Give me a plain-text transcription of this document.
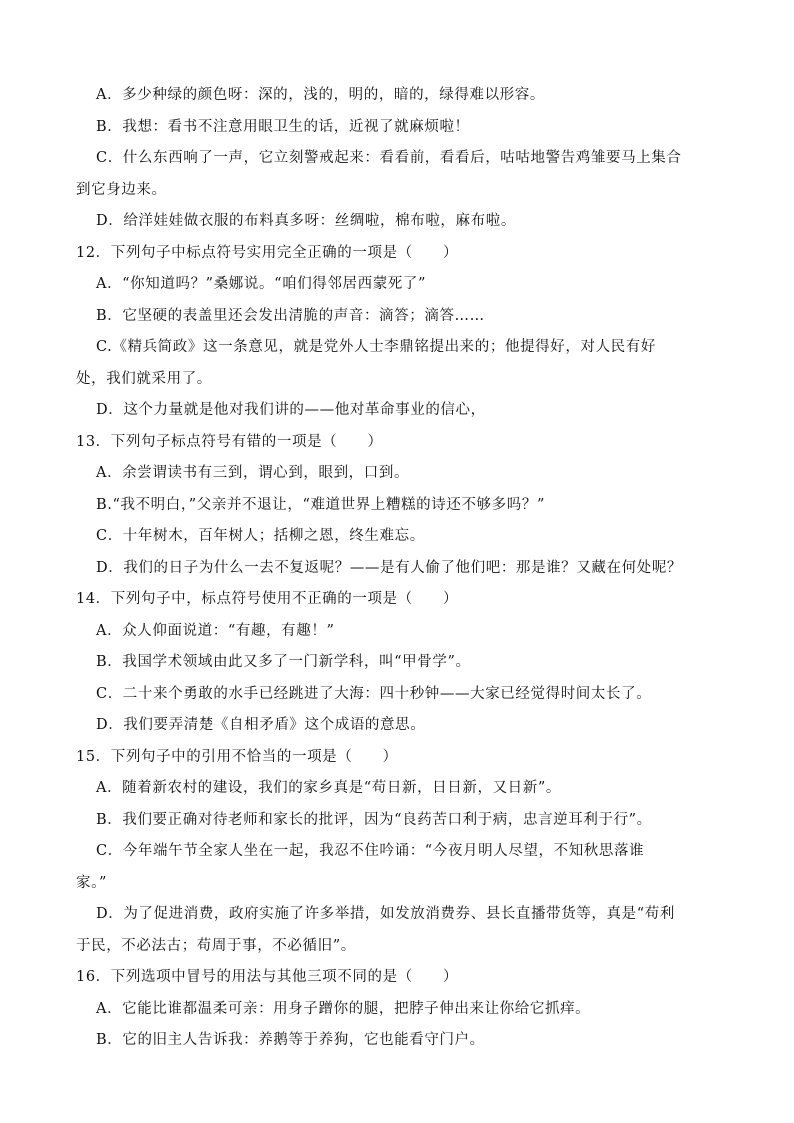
A．多少种绿的颜色呀：深的，浅的，明的，暗的，绿得难以形容。
B．我想：看书不注意用眼卫生的话，近视了就麻烦啦！
C．什么东西响了一声，它立刻警戒起来：看看前，看看后，咕咕地警告鸡雏要马上集合
到它身边来。
D．给洋娃娃做衣服的布料真多呀：丝绸啦，棉布啦，麻布啦。
12．下列句子中标点符号实用完全正确的一项是（　　）
A．“你知道吗？”桑娜说。“咱们得邻居西蒙死了”
B．它坚硬的表盖里还会发出清脆的声音：滴答；滴答……
C.《精兵简政》这一条意见，就是党外人士李鼎铭提出来的；他提得好，对人民有好
处，我们就采用了。
D．这个力量就是他对我们讲的——他对革命事业的信心，
13．下列句子标点符号有错的一项是（　　）
A．余尝谓读书有三到，谓心到，眼到，口到。
B.“我不明白，”父亲并不退让，“难道世界上糟糕的诗还不够多吗？”
C．十年树木，百年树人；括柳之恩，终生难忘。
D．我们的日子为什么一去不复返呢？——是有人偷了他们吧：那是谁？又藏在何处呢？
14．下列句子中，标点符号使用不正确的一项是（　　）
A．众人仰面说道：“有趣，有趣！”
B．我国学术领域由此又多了一门新学科，叫“甲骨学”。
C．二十来个勇敢的水手已经跳进了大海：四十秒钟——大家已经觉得时间太长了。
D．我们要弄清楚《自相矛盾》这个成语的意思。
15．下列句子中的引用不恰当的一项是（　　）
A．随着新农村的建设，我们的家乡真是“苟日新，日日新，又日新”。
B．我们要正确对待老师和家长的批评，因为“良药苦口利于病，忠言逆耳利于行”。
C．今年端午节全家人坐在一起，我忍不住吟诵：“今夜月明人尽望，不知秋思落谁
家。”
D．为了促进消费，政府实施了许多举措，如发放消费券、县长直播带货等，真是“苟利
于民，不必法古；苟周于事，不必循旧”。
16．下列选项中冒号的用法与其他三项不同的是（　　）
A．它能比谁都温柔可亲：用身子蹭你的腿，把脖子伸出来让你给它抓痒。
B．它的旧主人告诉我：养鹅等于养狗，它也能看守门户。
